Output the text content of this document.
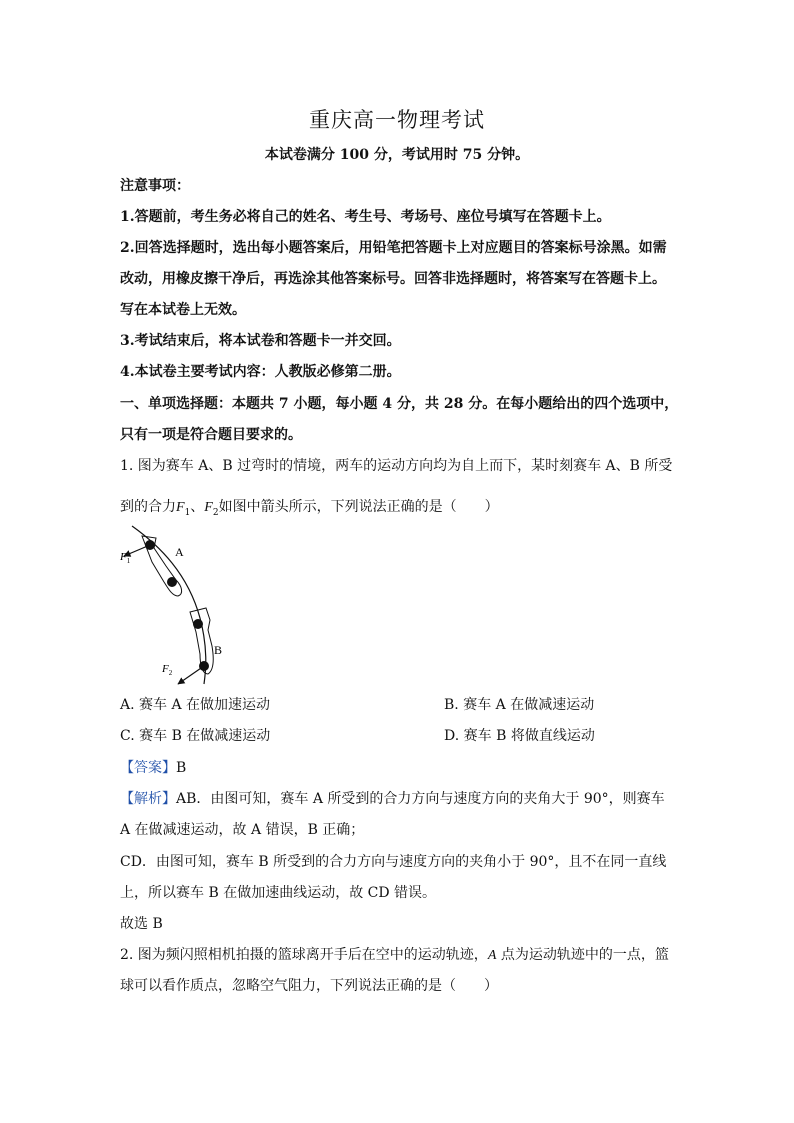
重庆高一物理考试
本试卷满分 100 分，考试用时 75 分钟。
注意事项：
1.答题前，考生务必将自己的姓名、考生号、考场号、座位号填写在答题卡上。
2.回答选择题时，选出每小题答案后，用铅笔把答题卡上对应题目的答案标号涂黑。如需
改动，用橡皮擦干净后，再选涂其他答案标号。回答非选择题时，将答案写在答题卡上。
写在本试卷上无效。
3.考试结束后，将本试卷和答题卡一并交回。
4.本试卷主要考试内容：人教版必修第二册。
一、单项选择题：本题共 7 小题，每小题 4 分，共 28 分。在每小题给出的四个选项中，
只有一项是符合题目要求的。
1. 图为赛车 A、B 过弯时的情境，两车的运动方向均为自上而下，某时刻赛车 A、B 所受
到的合力$F_1$、$F_2$如图中箭头所示，下列说法正确的是（　　）
A
B
$F_1$
$F_2$
A. 赛车 A 在做加速运动	B. 赛车 A 在做减速运动
C. 赛车 B 在做减速运动	D. 赛车 B 将做直线运动
【答案】B
【解析】AB．由图可知，赛车 A 所受到的合力方向与速度方向的夹角大于 90°，则赛车
A 在做减速运动，故 A 错误，B 正确；
CD．由图可知，赛车 B 所受到的合力方向与速度方向的夹角小于 90°，且不在同一直线
上，所以赛车 B 在做加速曲线运动，故 CD 错误。
故选 B
2. 图为频闪照相机拍摄的篮球离开手后在空中的运动轨迹，A 点为运动轨迹中的一点，篮
球可以看作质点，忽略空气阻力，下列说法正确的是（　　）
